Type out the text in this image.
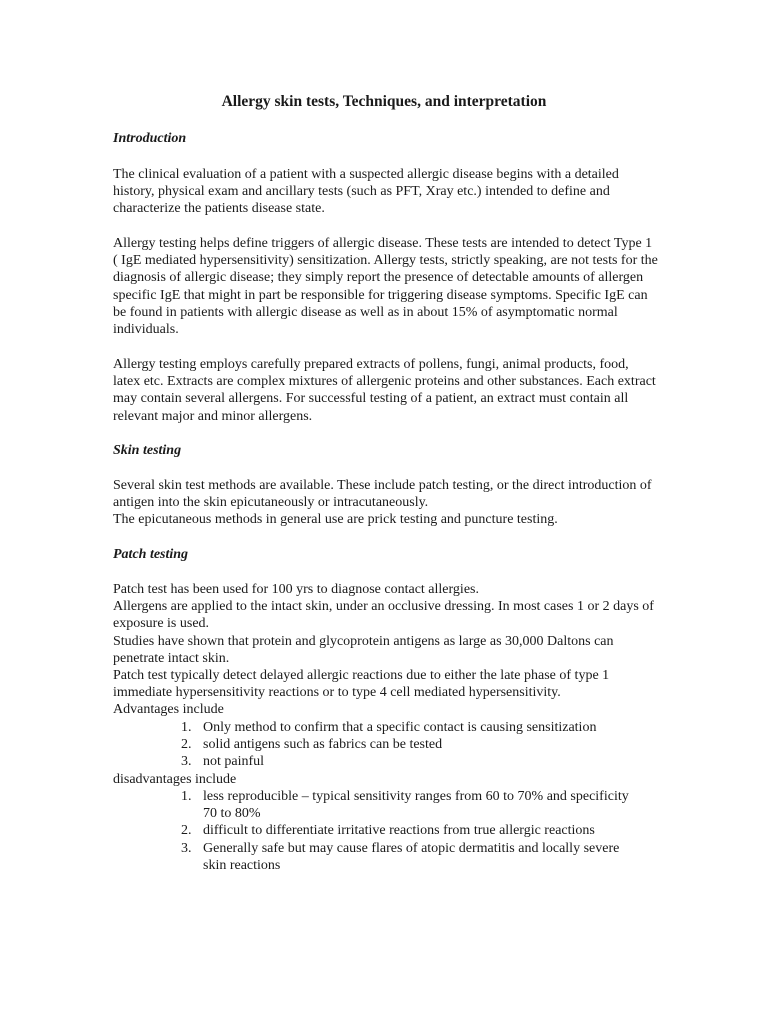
Allergy skin tests, Techniques, and interpretation
Introduction

The clinical evaluation of a patient with a suspected allergic disease begins with a detailed history, physical exam and ancillary tests (such as PFT, Xray etc.) intended to define and characterize the patients disease state.

Allergy testing helps define triggers of allergic disease. These tests are intended to detect Type 1 ( IgE mediated hypersensitivity) sensitization. Allergy tests, strictly speaking, are not tests for the diagnosis of allergic disease; they simply report the presence of detectable amounts of allergen specific IgE that might in part be responsible for triggering disease symptoms. Specific IgE can be found in patients with allergic disease as well as in about 15% of asymptomatic normal individuals.

Allergy testing employs carefully prepared extracts of pollens, fungi, animal products, food, latex etc. Extracts are complex mixtures of allergenic proteins and other substances. Each extract may contain several allergens. For successful testing of a patient, an extract must contain all relevant major and minor allergens.

Skin testing

Several skin test methods are available. These include patch testing, or the direct introduction of antigen into the skin epicutaneously or intracutaneously.

The epicutaneous methods in general use are prick testing and puncture testing.

Patch testing

Patch test has been used for 100 yrs to diagnose contact allergies.

Allergens are applied to the intact skin, under an occlusive dressing. In most cases 1 or 2 days of exposure is used.

Studies have shown that protein and glycoprotein antigens as large as 30,000 Daltons can penetrate intact skin.

Patch test typically detect delayed allergic reactions due to either the late phase of type 1 immediate hypersensitivity reactions or to type 4 cell mediated hypersensitivity.

Advantages include

1. Only method to confirm that a specific contact is causing sensitization
2. solid antigens such as fabrics can be tested
3. not painful

disadvantages include

1. less reproducible – typical sensitivity ranges from 60 to 70% and specificity 70 to 80%
2. difficult to differentiate irritative reactions from true allergic reactions
3. Generally safe but may cause flares of atopic dermatitis and locally severe skin reactions
